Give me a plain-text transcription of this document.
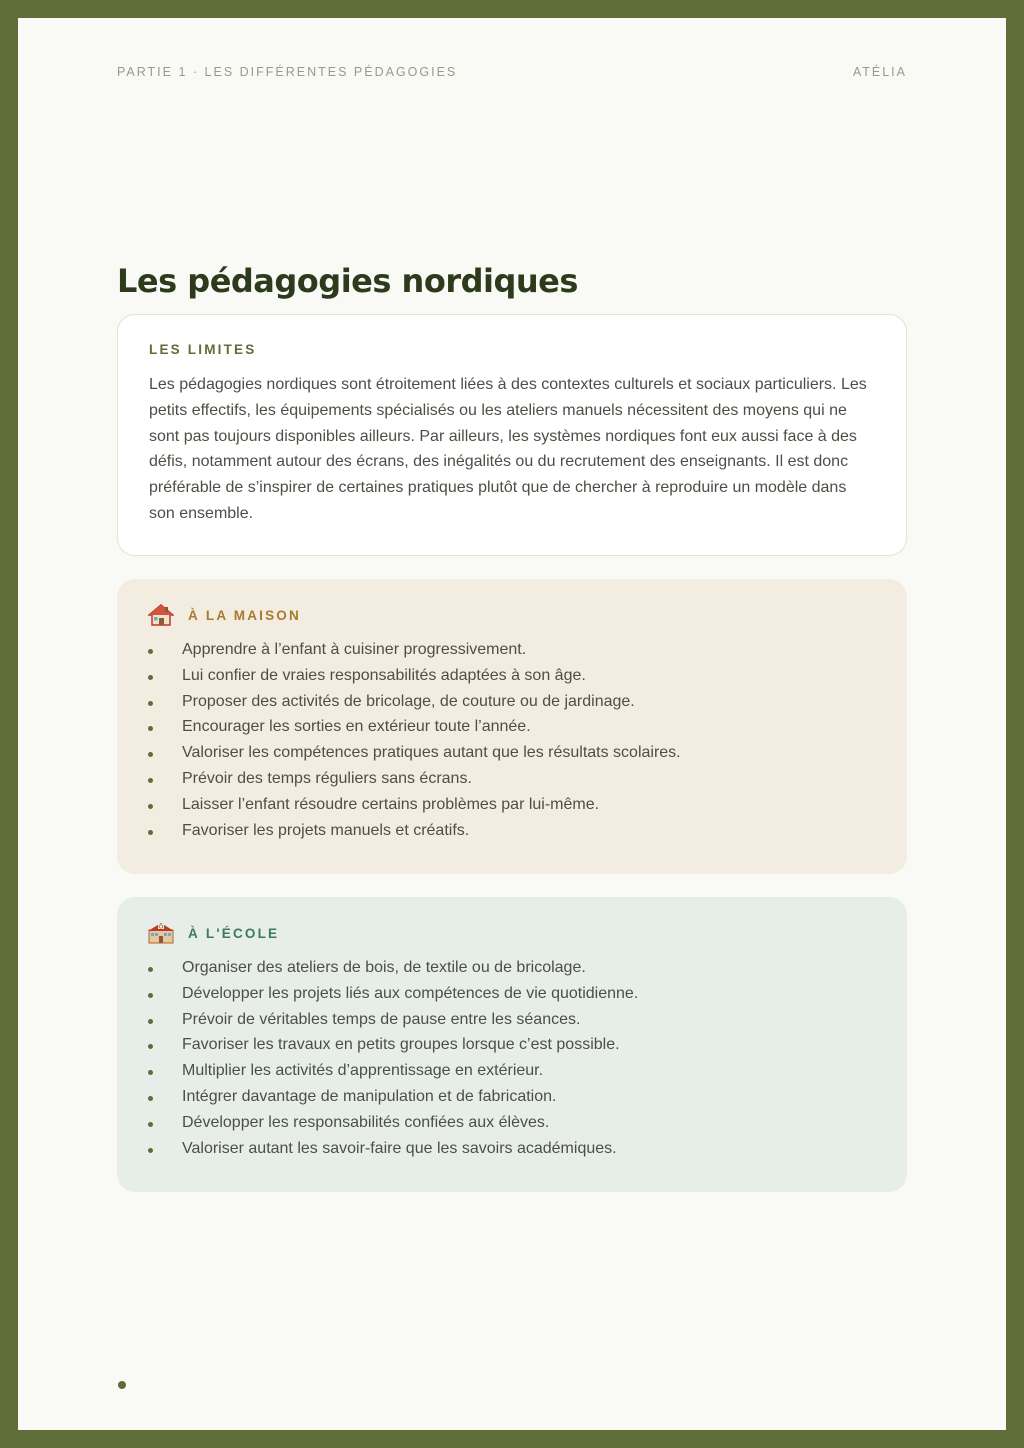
PARTIE 1 · LES DIFFÉRENTES PÉDAGOGIES	ATÉLIA
Les pédagogies nordiques
LES LIMITES

Les pédagogies nordiques sont étroitement liées à des contextes culturels et sociaux particuliers. Les petits effectifs, les équipements spécialisés ou les ateliers manuels nécessitent des moyens qui ne sont pas toujours disponibles ailleurs. Par ailleurs, les systèmes nordiques font eux aussi face à des défis, notamment autour des écrans, des inégalités ou du recrutement des enseignants. Il est donc préférable de s’inspirer de certaines pratiques plutôt que de chercher à reproduire un modèle dans son ensemble.

À LA MAISON
Apprendre à l’enfant à cuisiner progressivement.
Lui confier de vraies responsabilités adaptées à son âge.
Proposer des activités de bricolage, de couture ou de jardinage.
Encourager les sorties en extérieur toute l’année.
Valoriser les compétences pratiques autant que les résultats scolaires.
Prévoir des temps réguliers sans écrans.
Laisser l’enfant résoudre certains problèmes par lui-même.
Favoriser les projets manuels et créatifs.
À L'ÉCOLE
Organiser des ateliers de bois, de textile ou de bricolage.
Développer les projets liés aux compétences de vie quotidienne.
Prévoir de véritables temps de pause entre les séances.
Favoriser les travaux en petits groupes lorsque c’est possible.
Multiplier les activités d’apprentissage en extérieur.
Intégrer davantage de manipulation et de fabrication.
Développer les responsabilités confiées aux élèves.
Valoriser autant les savoir-faire que les savoirs académiques.
